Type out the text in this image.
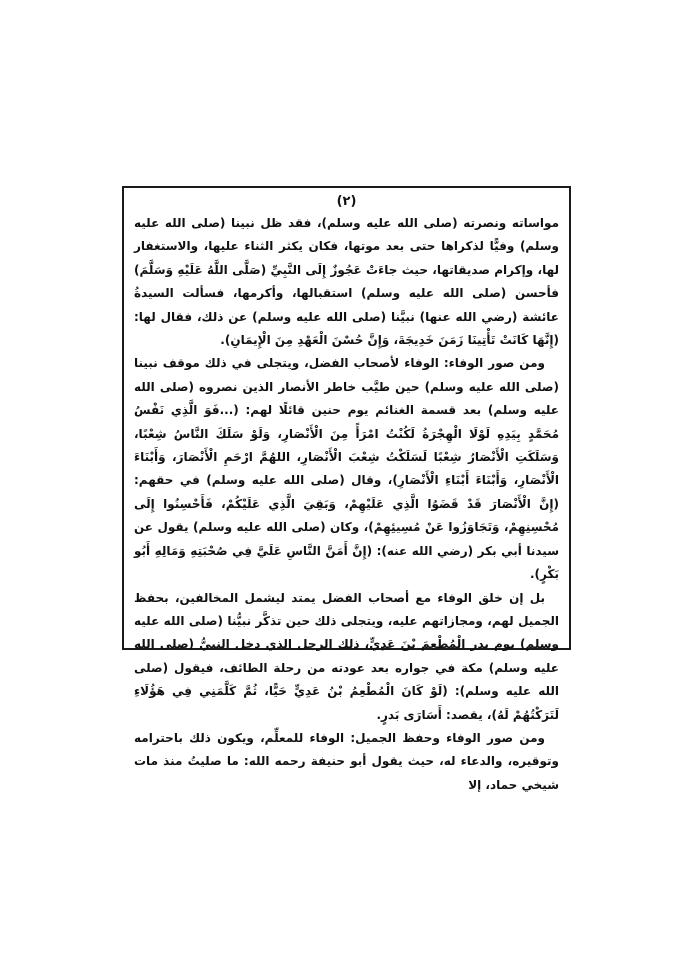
(٢)

مواساته ونصرته (صلى الله عليه وسلم)، فقد ظل نبينا (صلى الله عليه وسلم) وفيًّا لذكراها حتى بعد موتها، فكان يكثر الثناء عليها، والاستغفار لها، وإكرام صديقاتها، حيث جاءَتْ عَجُوزٌ إِلَى النَّبِيِّ (صَلَّى اللَّهُ عَلَيْهِ وَسَلَّمَ) فأحسن (صلى الله عليه وسلم) استقبالها، وأكرمها، فسألت السيدةُ عائشة (رضي الله عنها) نبيَّنا (صلى الله عليه وسلم) عن ذلك، فقال لها: (إِنَّهَا كَانَتْ تَأْتِينَا زَمَنَ خَدِيجَةَ، وَإِنَّ حُسْنَ الْعَهْدِ مِنَ الْإِيمَانِ).

ومن صور الوفاء: الوفاء لأصحاب الفضل، ويتجلى في ذلك موقف نبينا (صلى الله عليه وسلم) حين طيَّب خاطر الأنصار الذين نصروه (صلى الله عليه وسلم) بعد قسمة الغنائم يوم حنين قائلًا لهم: (...فَوَ الَّذِي نَفْسُ مُحَمَّدٍ بِيَدِهِ لَوْلَا الْهِجْرَةُ لَكُنْتُ امْرَأً مِنَ الْأَنْصَارِ، وَلَوْ سَلَكَ النَّاسُ شِعْبًا، وَسَلَكَتِ الْأَنْصَارُ شِعْبًا لَسَلَكْتُ شِعْبَ الْأَنْصَارِ، اللهُمَّ ارْحَمِ الْأَنْصَارَ، وَأَبْنَاءَ الْأَنْصَارِ، وَأَبْنَاءَ أَبْنَاءِ الْأَنْصَارِ)، وقال (صلى الله عليه وسلم) في حقهم: (إِنَّ الْأَنْصَارَ قَدْ قَضَوُا الَّذِي عَلَيْهِمْ، وَبَقِيَ الَّذِي عَلَيْكُمْ، فَأَحْسِنُوا إِلَى مُحْسِنِهِمْ، وَتَجَاوَزُوا عَنْ مُسِيئِهِمْ)، وكان (صلى الله عليه وسلم) يقول عن سيدنا أبي بكر (رضي الله عنه): (إِنَّ أَمَنَّ النَّاسِ عَلَيَّ فِي صُحْبَتِهِ وَمَالِهِ أَبُو بَكْرٍ).

بل إن خلق الوفاء مع أصحاب الفضل يمتد ليشمل المخالفين، بحفظ الجميل لهم، ومجازاتهم عليه، ويتجلى ذلك حين تذكَّر نبيُّنا (صلى الله عليه وسلم) يوم بدر الْمُطْعِمَ بْنَ عَدِيٍّ، ذلك الرجل الذي دخل النبيُّ (صلى الله عليه وسلم) مكة في جواره بعد عودته من رحلة الطائف، فيقول (صلى الله عليه وسلم): (لَوْ كَانَ الْمُطْعِمُ بْنُ عَدِيٍّ حَيًّا، ثُمَّ كَلَّمَنِي فِي هَؤُلَاءِ لَتَرَكْتُهُمْ لَهُ)، يقصد: أَسَارَى بَدرٍ.

ومن صور الوفاء وحفظ الجميل: الوفاء للمعلِّم، ويكون ذلك باحترامه وتوقيره، والدعاء له، حيث يقول أبو حنيفة رحمه الله: ما صليتُ منذ مات شيخي حماد، إلا
